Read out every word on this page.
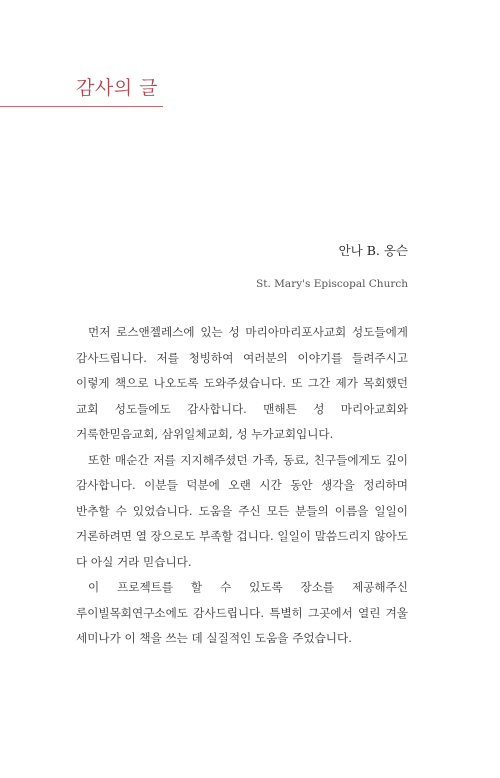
감사의 글
안나 B. 옹슨
St. Mary's Episcopal Church

먼저 로스앤젤레스에 있는 성 마리아마리포사교회 성도들에게 감사드립니다. 저를 청빙하여 여러분의 이야기를 들려주시고 이렇게 책으로 나오도록 도와주셨습니다. 또 그간 제가 목회했던 교회 성도들에도 감사합니다. 맨해튼 성 마리아교회와 거룩한믿음교회, 삼위일체교회, 성 누가교회입니다.

또한 매순간 저를 지지해주셨던 가족, 동료, 친구들에게도 깊이 감사합니다. 이분들 덕분에 오랜 시간 동안 생각을 정리하며 반추할 수 있었습니다. 도움을 주신 모든 분들의 이름을 일일이 거론하려면 열 장으로도 부족할 겁니다. 일일이 말씀드리지 않아도 다 아실 거라 믿습니다.

이 프로젝트를 할 수 있도록 장소를 제공해주신 루이빌목회연구소에도 감사드립니다. 특별히 그곳에서 열린 겨울 세미나가 이 책을 쓰는 데 실질적인 도움을 주었습니다.
